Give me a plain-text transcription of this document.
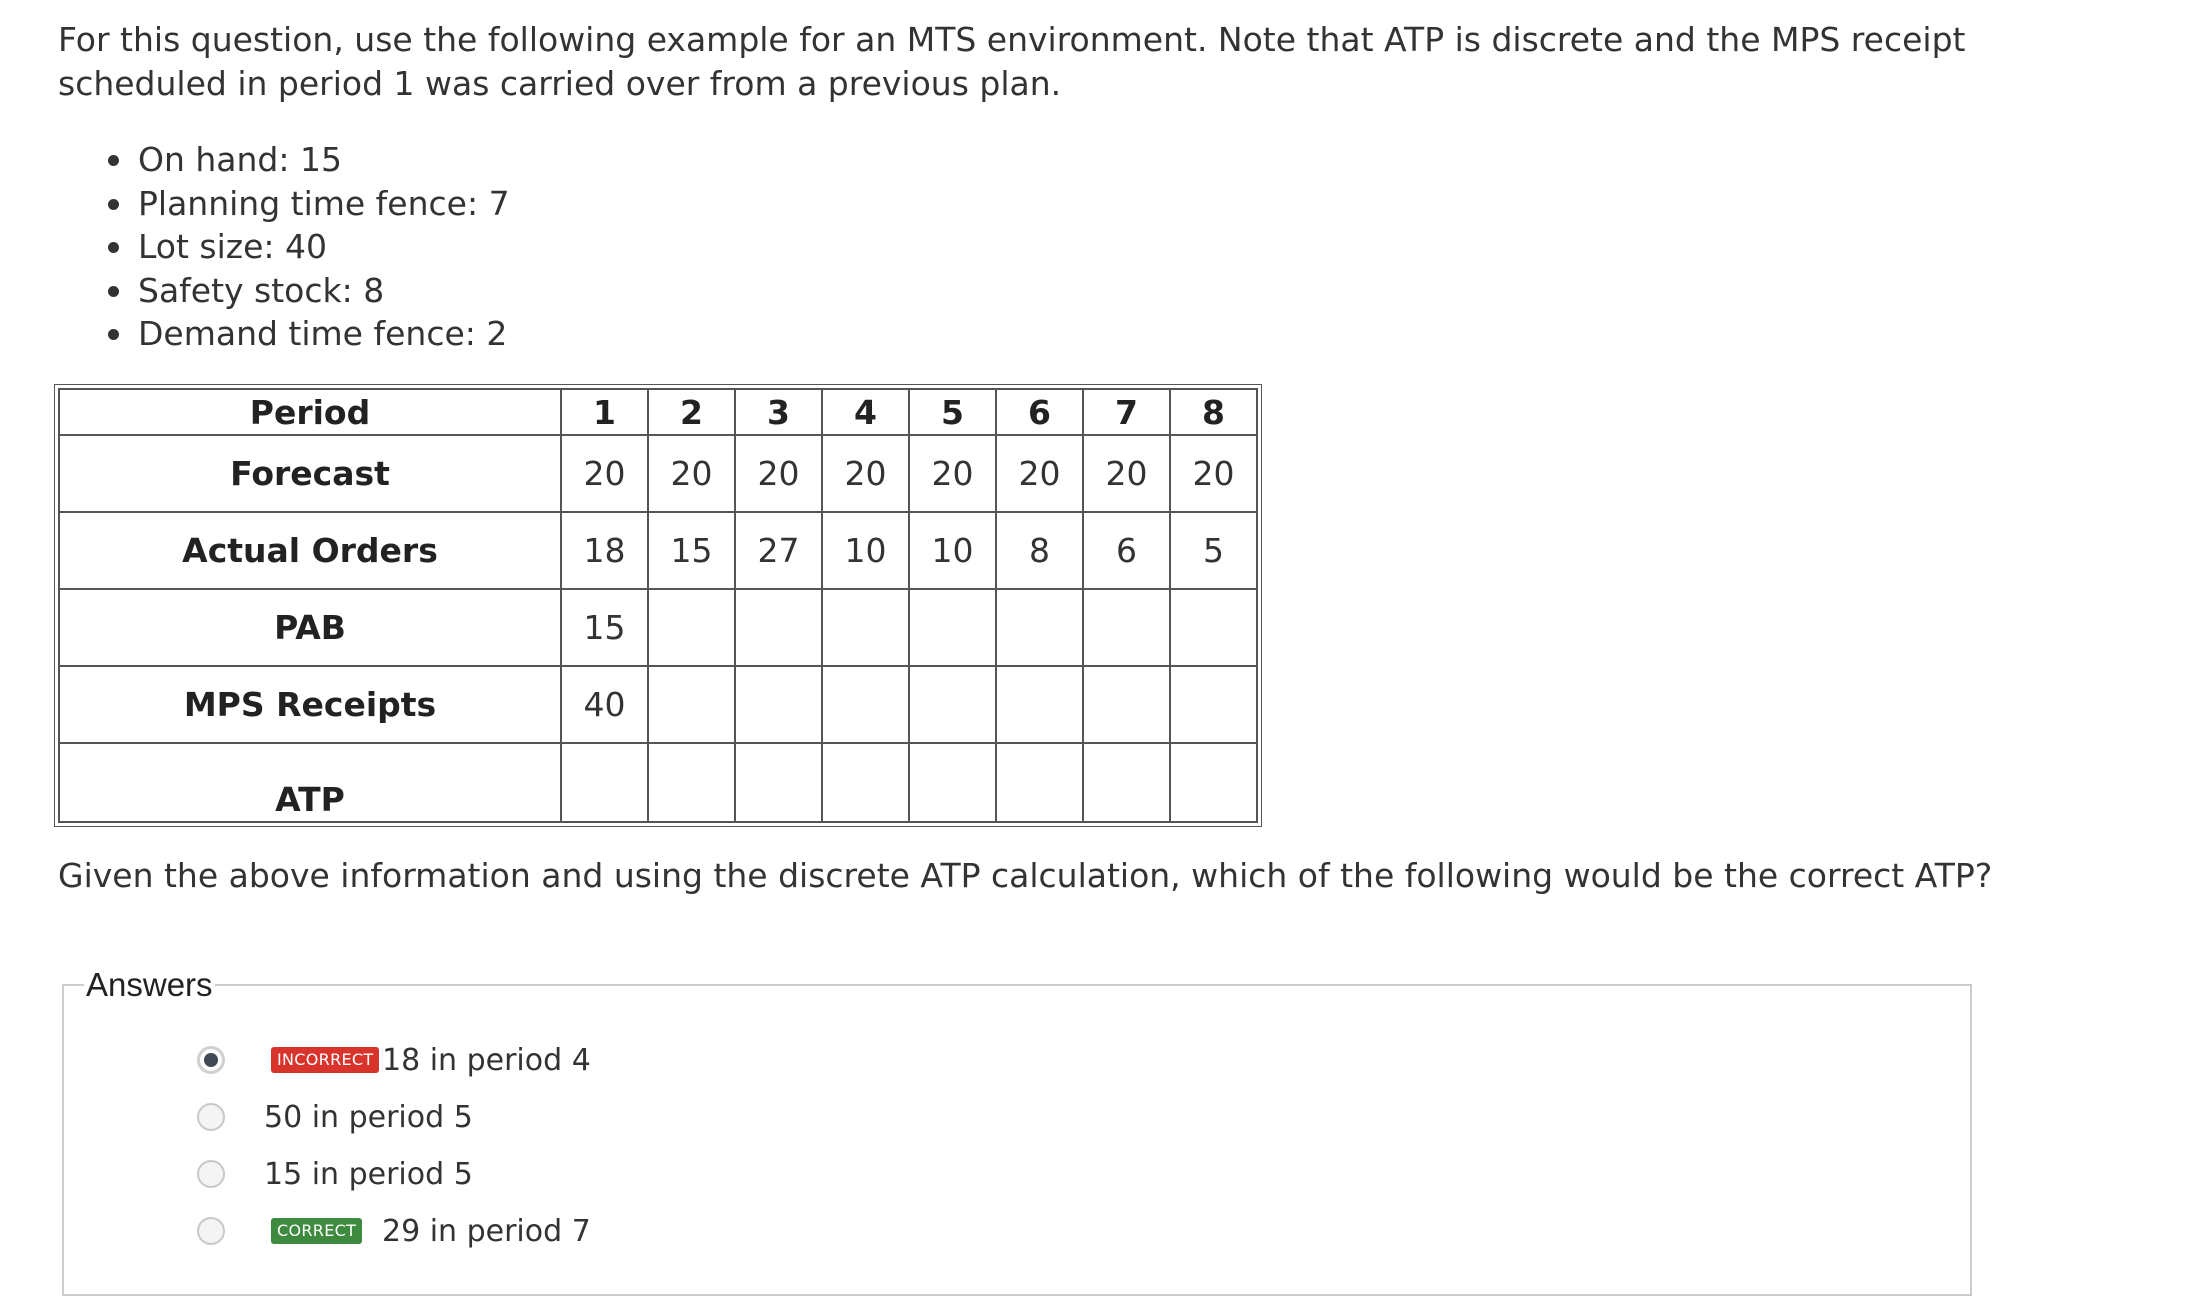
For this question, use the following example for an MTS environment. Note that ATP is discrete and the MPS receipt scheduled in period 1 was carried over from a previous plan.

On hand: 15
Planning time fence: 7
Lot size: 40
Safety stock: 8
Demand time fence: 2
Period	1	2	3	4	5	6	7	8
Forecast	20	20	20	20	20	20	20	20
Actual Orders	18	15	27	10	10	8	6	5
PAB	15							
MPS Receipts	40							
ATP								

Given the above information and using the discrete ATP calculation, which of the following would be the correct ATP?

Answers
INCORRECT 18 in period 4
50 in period 5
15 in period 5
CORRECT 29 in period 7
